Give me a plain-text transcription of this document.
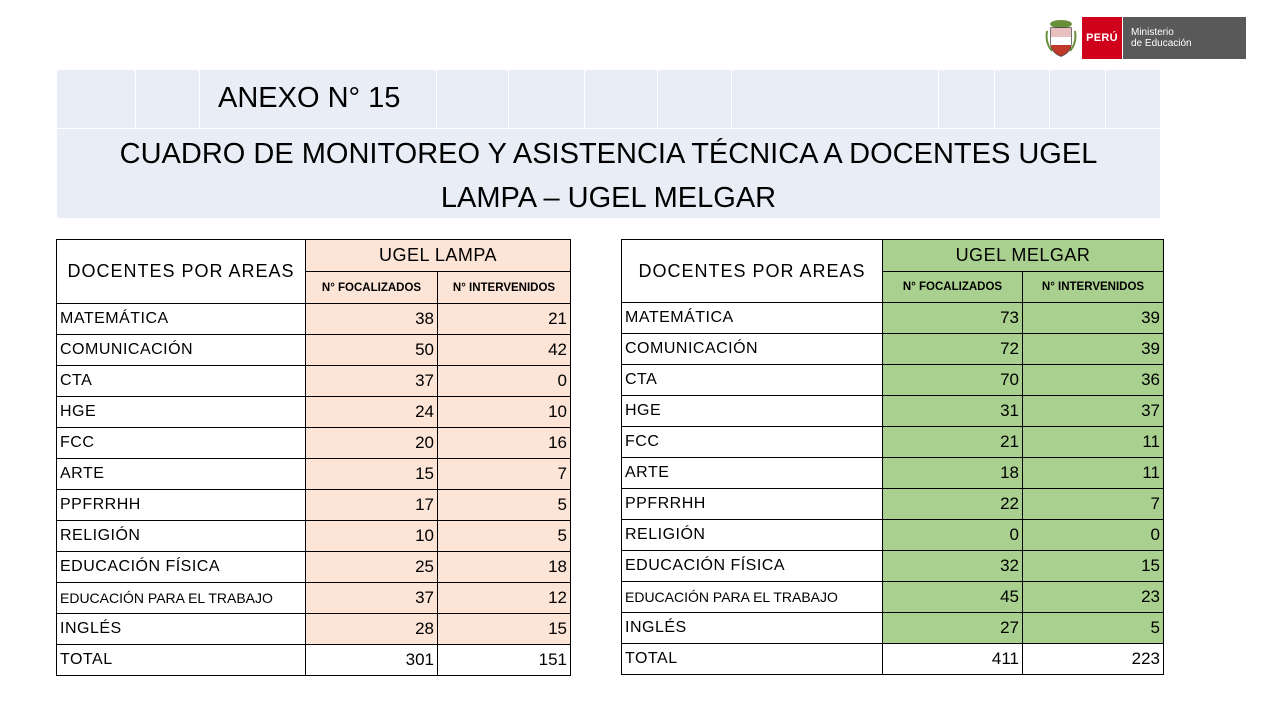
PERÚ	Ministerio
de Educación
ANEXO N° 15
CUADRO DE MONITOREO Y ASISTENCIA TÉCNICA A DOCENTES UGEL
LAMPA – UGEL MELGAR
DOCENTES POR AREAS	UGEL LAMPA	
	N° FOCALIZADOS	N° INTERVENIDOS
MATEMÁTICA	38	21
COMUNICACIÓN	50	42
CTA	37	0
HGE	24	10
FCC	20	16
ARTE	15	7
PPFRRHH	17	5
RELIGIÓN	10	5
EDUCACIÓN FÍSICA	25	18
EDUCACIÓN PARA EL TRABAJO	37	12
INGLÉS	28	15
TOTAL	301	151
DOCENTES POR AREAS	UGEL MELGAR	
	N° FOCALIZADOS	N° INTERVENIDOS
MATEMÁTICA	73	39
COMUNICACIÓN	72	39
CTA	70	36
HGE	31	37
FCC	21	11
ARTE	18	11
PPFRRHH	22	7
RELIGIÓN	0	0
EDUCACIÓN FÍSICA	32	15
EDUCACIÓN PARA EL TRABAJO	45	23
INGLÉS	27	5
TOTAL	411	223
